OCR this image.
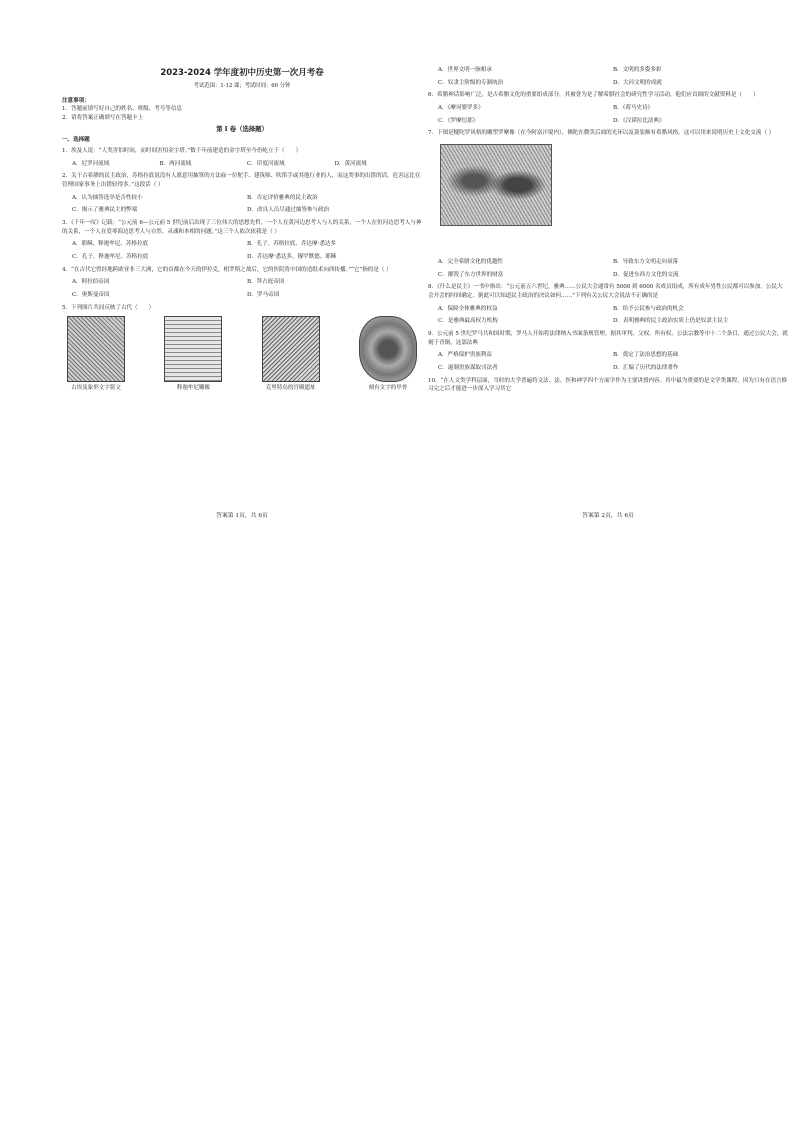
2023-2024 学年度初中历史第一次月考卷
考试范围：1-12 课；考试时间：60 分钟
注意事项：
1．答题前填写好自己的姓名、班级、考号等信息
2．请将答案正确填写在答题卡上
第 I 卷（选择题）
一、选择题
1．埃及人说：“人类害怕时间，而时间害怕金字塔。”数千年前建造的金字塔至今仍屹立于（　　）
A．尼罗河流域	B．两河流域	C．印度河流域	D．黄河流域
2．关于古希腊的民主政治，苏格拉底说没有人愿意用抽签的方法雇一位舵手、建筑师、吹笛手或其他行业的人，而这类事的出错的话，危害远比在管理国家事务上出错轻得多。”这段话（ ）
A．认为抽签选举是否性较小	B．否定评价雅典的民主政治
C．揭示了雅典民主的弊端	D．改良人员尽通过抽签参与政治
3．《千年一叹》记载：“公元前 6—公元前 5 世纪前后出现了三位伟大的思想先哲，一个人在黄河边思考人与人的关系，一个人在恒河边思考人与神的关系，一个人在爱琴海边思考人与自然、灵魂和本相的问题。”这三个人依次依我是（ ）
A．耶稣、释迦牟尼、苏格拉底	B．孔子、苏格拉底、乔达摩·悉达多
C．孔子、释迦牟尼、苏格拉底	D．乔达摩·悉达多、穆罕默德、耶稣
4．“在古代它曾经地跨欧亚非三大洲，它的首都在今天的伊拉克，相罗斯之战后，它的医院将中国的造纸术向西传播。”“它”指的是（ ）
A．阿拉伯帝国	B．拜占庭帝国
C．奥斯曼帝国	D．罗马帝国
5．下列图片共同反映了古代（　　）
古埃及象形文字铭文	释迦牟尼雕像	克里特岛的宫殿遗址	刻有文字的甲骨
答案第 1页，共 6页
A．世界文明一脉相承	B．文明的多姿多彩
C．奴隶主阶级的专制统治	D．大河文明的成就
6．希腊神话影响广泛，是古希腊文化的重要组成部分，其被誉为是了解希腊社会的研究性学习活动，他们应首阅的文献资料是（　　）
A．《摩诃婆罗多》	B．《荷马史诗》
C．《罗摩衍那》	D．《汉谟拉比法典》
7．下图是犍陀罗风格的雕塑罗摩像（在今阿富汗境内），佛陀在微笑后面的光环以及袈裟颇有希腊风格。这可以用来说明历史上文化交流（ ）
A．完全希腊文化的优越性	B．导致东方文明走向衰落
C．摧毁了东方世界的财富	D．促进东西方文化的交流
8．《什么是民主》一书中指出：“公元前五六世纪，雅典……公民大会通常有 5000 到 6000 名成员组成，所有成年男性公民都可以参加。公民大会开会的时间确定，据此可以知道民主政治的决议如何……”下列有关公民大会说法不正确的是
A．保障全体雅典的权益	B．给予公民参与政治的机会
C．是雅典最高权力机构	D．表明雅典的民主政治实质上仍是奴隶主民主
9．公元前 5 世纪罗马共和国时期，罗马人开始将法律纳入书面条规管理。据其审判、父权、所有权、公法宗教等中十二个条目，通过公民大会，就刻于青铜，这部法典
A．严格保护贵族利益	B．奠定了法治思想的基础
C．遏制贵族谋取司法者	D．汇编了历代的法律著作
10．“在人文类学科层面，当时的大学普遍将文法、法、医和神学四个方面学作为主要讲授内容。其中最为重要的是文学类课程，因为只有在语言修习完之后才能进一步深入学习其它
答案第 2页，共 6页
